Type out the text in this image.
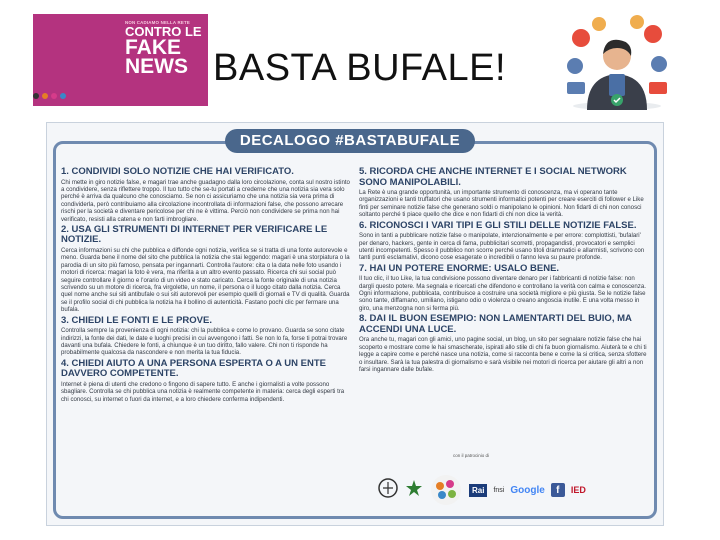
NON CADIAMO NELLA RETE
CONTRO LE
FAKE
NEWS BASTA BUFALE!
DECALOGO #BASTABUFALE
1. CONDIVIDI SOLO NOTIZIE CHE HAI VERIFICATO.

Chi mette in giro notizie false, e magari trae anche guadagno dalla loro circolazione, conta sul nostro istinto a condividere, senza riflettere troppo. Il tuo tutto che se-tu portati a crederne che una notizia sia vera solo perché è arriva da qualcuno che conosciamo. Se non ci assicuriamo che una notizia sia vera prima di condividerla, però contribuiamo alla circolazione incontrollata di informazioni false, che possono arrecare rischi per la società e diventare pericolose per chi ne è vittima. Perciò non condividere se prima non hai verificato, resisti alla catena e non farti imbrogliare.

2. USA GLI STRUMENTI DI INTERNET PER VERIFICARE LE NOTIZIE.

Cerca informazioni su chi che pubblica e diffonde ogni notizia, verifica se si tratta di una fonte autorevole e meno. Guarda bene il nome del sito che pubblica la notizia che stai leggendo: magari è una storpiatura o la parodia di un sito più famoso, pensata per ingannarti. Controlla l'autore: cita o la data nelle foto usando i motori di ricerca: magari la foto è vera, ma riferita a un altro evento passato. Ricerca chi sui social può seguire controllare il giorno e l'orario di un video e stato caricato. Cerca la fonte originale di una notizia scrivendo su un motore di ricerca, fra virgolette, un nome, il persona o il luogo citato dalla notizia. Cerca quel nome anche sui siti antibufale o sui siti autorevoli per esempio quelli di giornali e TV di qualità. Guarda se il profilo social di chi pubblica la notizia ha il bollino di autenticità. Fastano pochi clic per fermare una bufala.

3. CHIEDI LE FONTI E LE PROVE.

Controlla sempre la provenienza di ogni notizia: chi la pubblica e come lo provano. Guarda se sono citate indirizzi, la fonte dei dati, le date e luoghi precisi in cui avvengono i fatti. Se non lo fa, forse ti potrai trovare davanti una bufala. Chiedere le fonti, a chiunque è un tuo diritto, fallo valere. Chi non ti risponde ha probabilmente qualcosa da nascondere e non merita la tua fiducia.

4. CHIEDI AIUTO A UNA PERSONA ESPERTA O A UN ENTE DAVVERO COMPETENTE.

Internet è piena di utenti che credono o fingono di sapere tutto. E anche i giornalisti a volte possono sbagliare. Controlla se chi pubblica una notizia è realmente competente in materia: cerca degli esperti tra chi conosci, su internet o fuori da internet, e a loro chiedere conferma indipendenti.

5. RICORDA CHE ANCHE INTERNET E I SOCIAL NETWORK SONO MANIPOLABILI.

La Rete è una grande opportunità, un importante strumento di conoscenza, ma vi operano tante organizzazioni e tanti truffatori che usano strumenti informatici potenti per creare eserciti di follower e Like finti per seminare notizie false che generano soldi o manipolano le opinioni. Non fidarti di chi non conosci soltanto perché ti piace quello che dice e non fidarti di chi non dice la verità.

6. RICONOSCI I VARI TIPI E GLI STILI DELLE NOTIZIE FALSE.

Sono in tanti a pubblicare notizie false o manipolate, intenzionalmente e per errore: complottisti, 'bufalari' per denaro, hackers, gente in cerca di fama, pubblicitari scorretti, propagandisti, provocatori e semplici utenti incompetenti. Spesso il pubblico non scorre perché usano titoli drammatici e allarmisti, scrivono con tanti punti esclamativi, dicono cose esagerate o incredibili o fanno leva su paure profonde.

7. HAI UN POTERE ENORME: USALO BENE.

Il tuo clic, il tuo Like, la tua condivisione possono diventare denaro per i fabbricanti di notizie false: non dargli questo potere. Ma segnala e ricercati che difendono e controllano la verità con calma e conoscenza. Ogni informazione, pubblicata, contribuisce a costruire una società migliore e più giusta. Se le notizie false sono tante, diffamano, umiliano, istigano odio o violenza o creano angoscia inutile. E una volta messo in giro, una menzogna non si ferma più.

8. DAI IL BUON ESEMPIO: NON LAMENTARTI DEL BUIO, MA ACCENDI UNA LUCE.

Ora anche tu, magari con gli amici, uno pagine social, un blog, un sito per segnalare notizie false che hai scoperto e mostrare come le hai smascherate, ispirati allo stile di chi fa buon giornalismo. Aiuterà te e chi ti legge a capire come e perché nasce una notizia, come si racconta bene e come la si critica, senza sfottere o insultare. Sarà la tua palestra di giornalismo e sarà visibile nei motori di ricerca per aiutare gli altri a non farsi ingannare dalle bufale.

con il patrocinio di
Rai	fnsi Google	f	IED
